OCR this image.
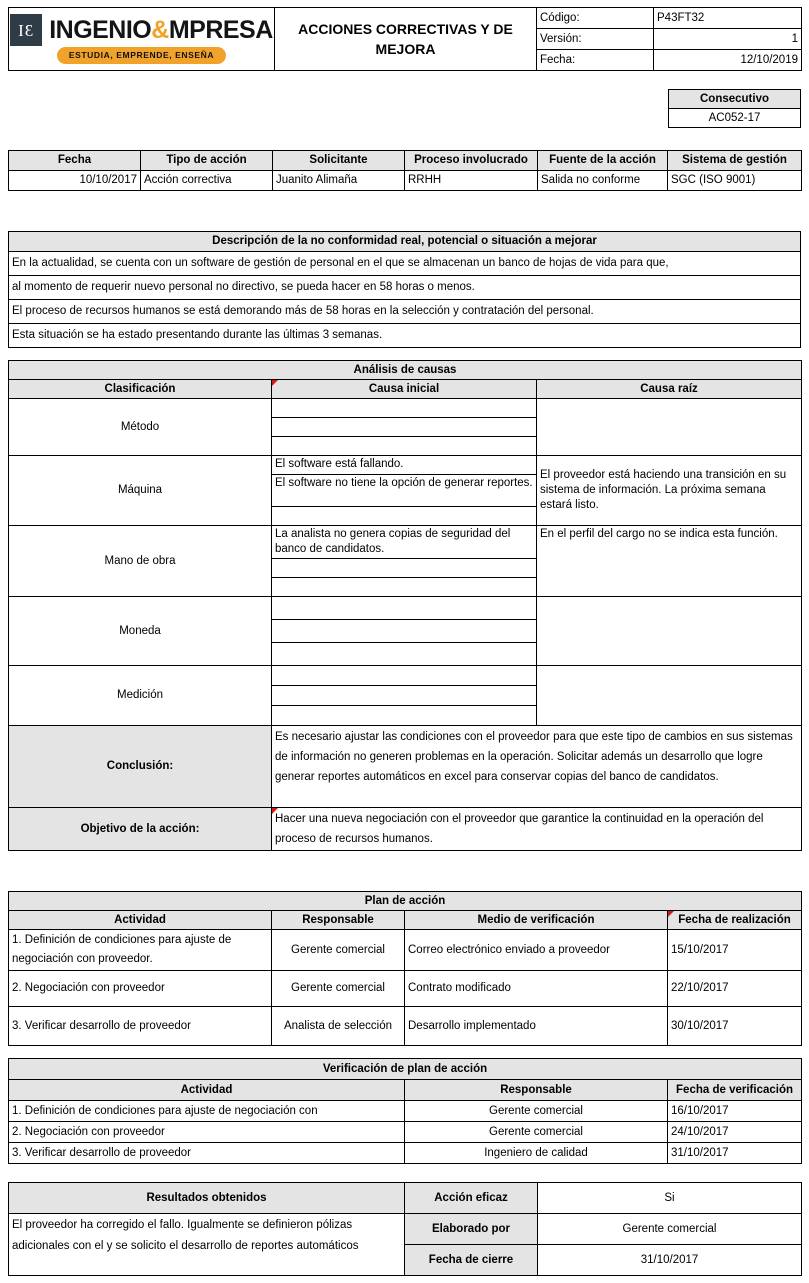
IƐ INGENIO&MPRESA
ESTUDIA, EMPRENDE, ENSEÑA	ACCIONES CORRECTIVAS Y DE MEJORA	Código:	P43FT32
		Versión:	1
		Fecha:	12/10/2019
Consecutivo
AC052-17
Fecha	Tipo de acción	Solicitante	Proceso involucrado	Fuente de la acción	Sistema de gestión
10/10/2017	Acción correctiva	Juanito Alimaña	RRHH	Salida no conforme	SGC (ISO 9001)
Descripción de la no conformidad real, potencial o situación a mejorar
En la actualidad, se cuenta con un software de gestión de personal en el que se almacenan un banco de hojas de vida para que,
al momento de requerir nuevo personal no directivo, se pueda hacer en 58 horas o menos.
El proceso de recursos humanos se está demorando más de 58 horas en la selección y contratación del personal.
Esta situación se ha estado presentando durante las últimas 3 semanas.
Análisis de causas		
Clasificación	Causa inicial	Causa raíz
Método		

Máquina	El software está fallando.	El proveedor está haciendo una transición en su sistema de información. La próxima semana estará listo.
	El software no tiene la opción de generar reportes.	

Mano de obra	La analista no genera copias de seguridad del banco de candidatos.	En el perfil del cargo no se indica esta función.

Moneda		

Medición		

Conclusión:	Es necesario ajustar las condiciones con el proveedor para que este tipo de cambios en sus sistemas de información no generen problemas en la operación. Solicitar además un desarrollo que logre generar reportes automáticos en excel para conservar copias del banco de candidatos.	
Objetivo de la acción:	Hacer una nueva negociación con el proveedor que garantice la continuidad en la operación del proceso de recursos humanos.	
Plan de acción			
Actividad	Responsable	Medio de verificación	Fecha de realización
1. Definición de condiciones para ajuste de negociación con proveedor.	Gerente comercial	Correo electrónico enviado a proveedor	15/10/2017
2. Negociación con proveedor	Gerente comercial	Contrato modificado	22/10/2017
3. Verificar desarrollo de proveedor	Analista de selección	Desarrollo implementado	30/10/2017
Verificación de plan de acción		
Actividad	Responsable	Fecha de verificación
1. Definición de condiciones para ajuste de negociación con	Gerente comercial	16/10/2017
2. Negociación con proveedor	Gerente comercial	24/10/2017
3. Verificar desarrollo de proveedor	Ingeniero de calidad	31/10/2017
Resultados obtenidos	Acción eficaz	Si
El proveedor ha corregido el fallo. Igualmente se definieron pólizas adicionales con el y se solicito el desarrollo de reportes automáticos	Elaborado por	Gerente comercial
	Fecha de cierre	31/10/2017
